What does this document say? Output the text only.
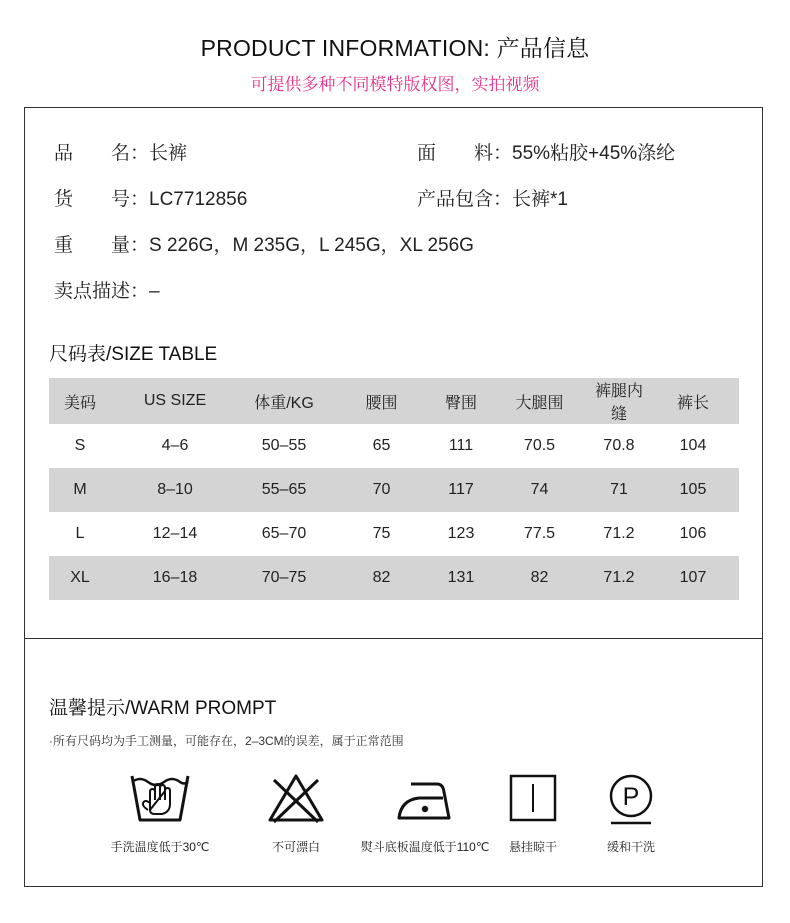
PRODUCT INFORMATION: 产品信息
可提供多种不同模特版权图，实拍视频
品　　名：长裤	面　　料：55%粘胶+45%涤纶
货　　号：LC7712856	产品包含：长裤*1
重　　量：S 226G，M 235G，L 245G，XL 256G
卖点描述：–
尺码表/SIZE TABLE
美码	US SIZE	体重/KG	腰围	臀围	大腿围	裤腿内缝	裤长
S	4–6	50–55	65	111	70.5	70.8	104
M	8–10	55–65	70	117	74	71	105
L	12–14	65–70	75	123	77.5	71.2	106
XL	16–18	70–75	82	131	82	71.2	107
温馨提示/WARM PROMPT
·所有尺码均为手工测量，可能存在，2–3CM的误差，属于正常范围
手洗温度低于30℃	不可漂白	熨斗底板温度低于110℃	悬挂晾干
P
缓和干洗
